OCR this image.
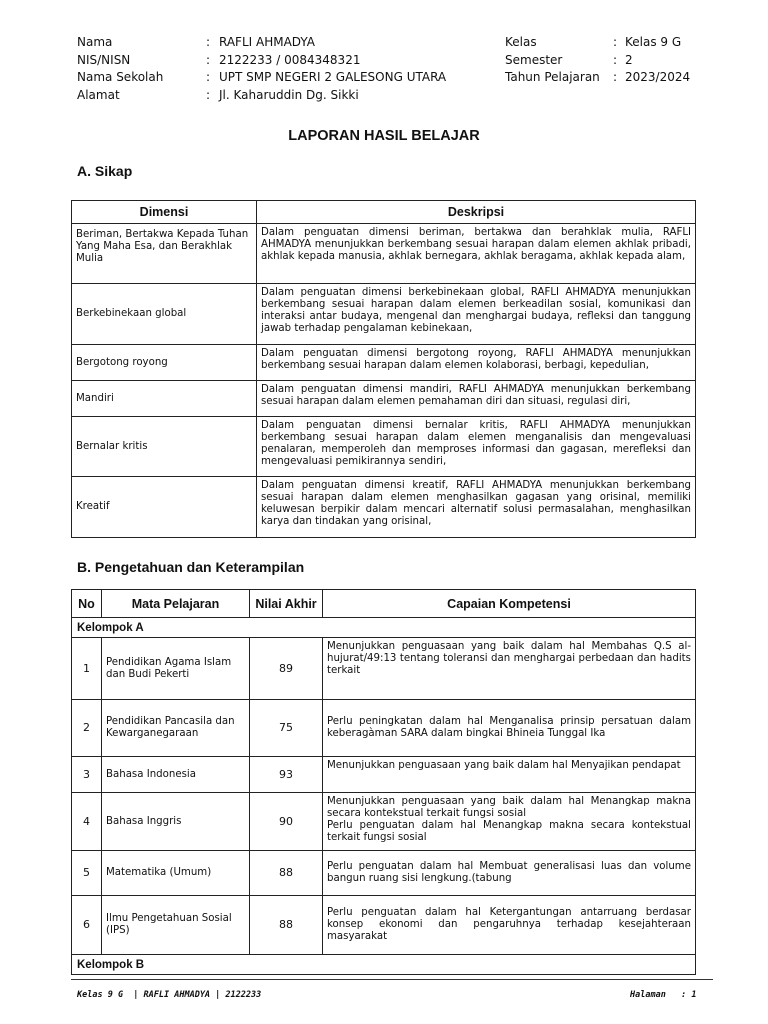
Nama	: RAFLI AHMADYA
NIS/NISN	: 2122233 / 0084348321
Nama Sekolah	: UPT SMP NEGERI 2 GALESONG UTARA
Alamat	: Jl. Kaharuddin Dg. Sikki
Kelas	: Kelas 9 G
Semester	: 2
Tahun Pelajaran	: 2023/2024
LAPORAN HASIL BELAJAR
A. Sikap
Dimensi	Deskripsi
Beriman, Bertakwa Kepada Tuhan Yang Maha Esa, dan Berakhlak Mulia	Dalam penguatan dimensi beriman, bertakwa dan berahklak mulia, RAFLI AHMADYA menunjukkan berkembang sesuai harapan dalam elemen akhlak pribadi, akhlak kepada manusia, akhlak bernegara, akhlak beragama, akhlak kepada alam,
Berkebinekaan global	Dalam penguatan dimensi berkebinekaan global, RAFLI AHMADYA menunjukkan berkembang sesuai harapan dalam elemen berkeadilan sosial, komunikasi dan interaksi antar budaya, mengenal dan menghargai budaya, refleksi dan tanggung jawab terhadap pengalaman kebinekaan,
Bergotong royong	Dalam penguatan dimensi bergotong royong, RAFLI AHMADYA menunjukkan berkembang sesuai harapan dalam elemen kolaborasi, berbagi, kepedulian,
Mandiri	Dalam penguatan dimensi mandiri, RAFLI AHMADYA menunjukkan berkembang sesuai harapan dalam elemen pemahaman diri dan situasi, regulasi diri,
Bernalar kritis	Dalam penguatan dimensi bernalar kritis, RAFLI AHMADYA menunjukkan berkembang sesuai harapan dalam elemen menganalisis dan mengevaluasi penalaran, memperoleh dan memproses informasi dan gagasan, merefleksi dan mengevaluasi pemikirannya sendiri,
Kreatif	Dalam penguatan dimensi kreatif, RAFLI AHMADYA menunjukkan berkembang sesuai harapan dalam elemen menghasilkan gagasan yang orisinal, memiliki keluwesan berpikir dalam mencari alternatif solusi permasalahan, menghasilkan karya dan tindakan yang orisinal,
B. Pengetahuan dan Keterampilan
No	Mata Pelajaran	Nilai Akhir	Capaian Kompetensi
Kelompok A			
1	Pendidikan Agama Islam dan Budi Pekerti	89	Menunjukkan penguasaan yang baik dalam hal Membahas Q.S al-hujurat/49:13 tentang toleransi dan menghargai perbedaan dan hadits terkait
2	Pendidikan Pancasila dan Kewarganegaraan	75	Perlu peningkatan dalam hal Menganalisa prinsip persatuan dalam keberagàman SARA dalam bingkai Bhineia Tunggal Ika
3	Bahasa Indonesia	93	Menunjukkan penguasaan yang baik dalam hal Menyajikan pendapat
4	Bahasa Inggris	90	Menunjukkan penguasaan yang baik dalam hal Menangkap makna secara kontekstual terkait fungsi sosial
Perlu penguatan dalam hal Menangkap makna secara kontekstual terkait fungsi sosial

5	Matematika (Umum)	88	Perlu penguatan dalam hal Membuat generalisasi luas dan volume bangun ruang sisi lengkung.(tabung
6	Ilmu Pengetahuan Sosial (IPS)	88	Perlu penguatan dalam hal Ketergantungan antarruang berdasar konsep ekonomi dan pengaruhnya terhadap kesejahteraan masyarakat
Kelompok B			
Kelas 9 G  | RAFLI AHMADYA | 2122233	Halaman   : 1
